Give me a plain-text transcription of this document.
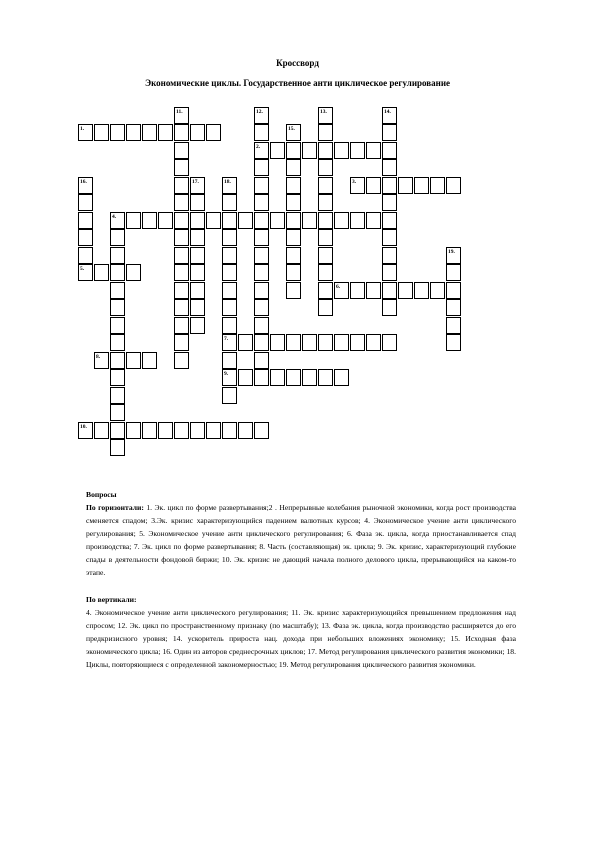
Кроссворд
Экономические циклы. Государственное анти циклическое регулирование
1.
2.
3.
4.
5.
6.
7.
8.
9.
10.
11.	12.	13.	14.
15.
16.	17.	18.
19.
Вопросы

По горизонтали: 1. Эк. цикл по форме развертывания;2 . Непрерывные колебания рыночной экономики, когда рост производства сменяется спадом; 3.Эк. кризис характеризующийся падением валютных курсов; 4. Экономическое учение анти циклического регулирования; 5. Экономическое учение анти циклического регулирования; 6. Фаза эк. цикла, когда приостанавливается спад производства; 7. Эк. цикл по форме развертывания; 8. Часть (составляющая) эк. цикла; 9. Эк. кризис, характеризующий глубокие спады в деятельности фондовой биржи; 10. Эк. кризис не дающий начала полного делового цикла, прерывающийся на каком-то этапе.

По вертикали:

4. Экономическое учение анти циклического регулирования; 11. Эк. кризис характеризующийся превышением предложения над спросом; 12. Эк. цикл по пространственному признаку (по масштабу); 13. Фаза эк. цикла, когда производство расширяется до его предкризисного уровня; 14. ускоритель прироста нац. дохода при небольших вложениях экономику; 15. Исходная фаза экономического цикла; 16. Один из авторов среднесрочных циклов; 17. Метод регулирования циклического развития экономики; 18. Циклы, повторяющиеся с определенной закономерностью; 19. Метод регулирования циклического развития экономики.
